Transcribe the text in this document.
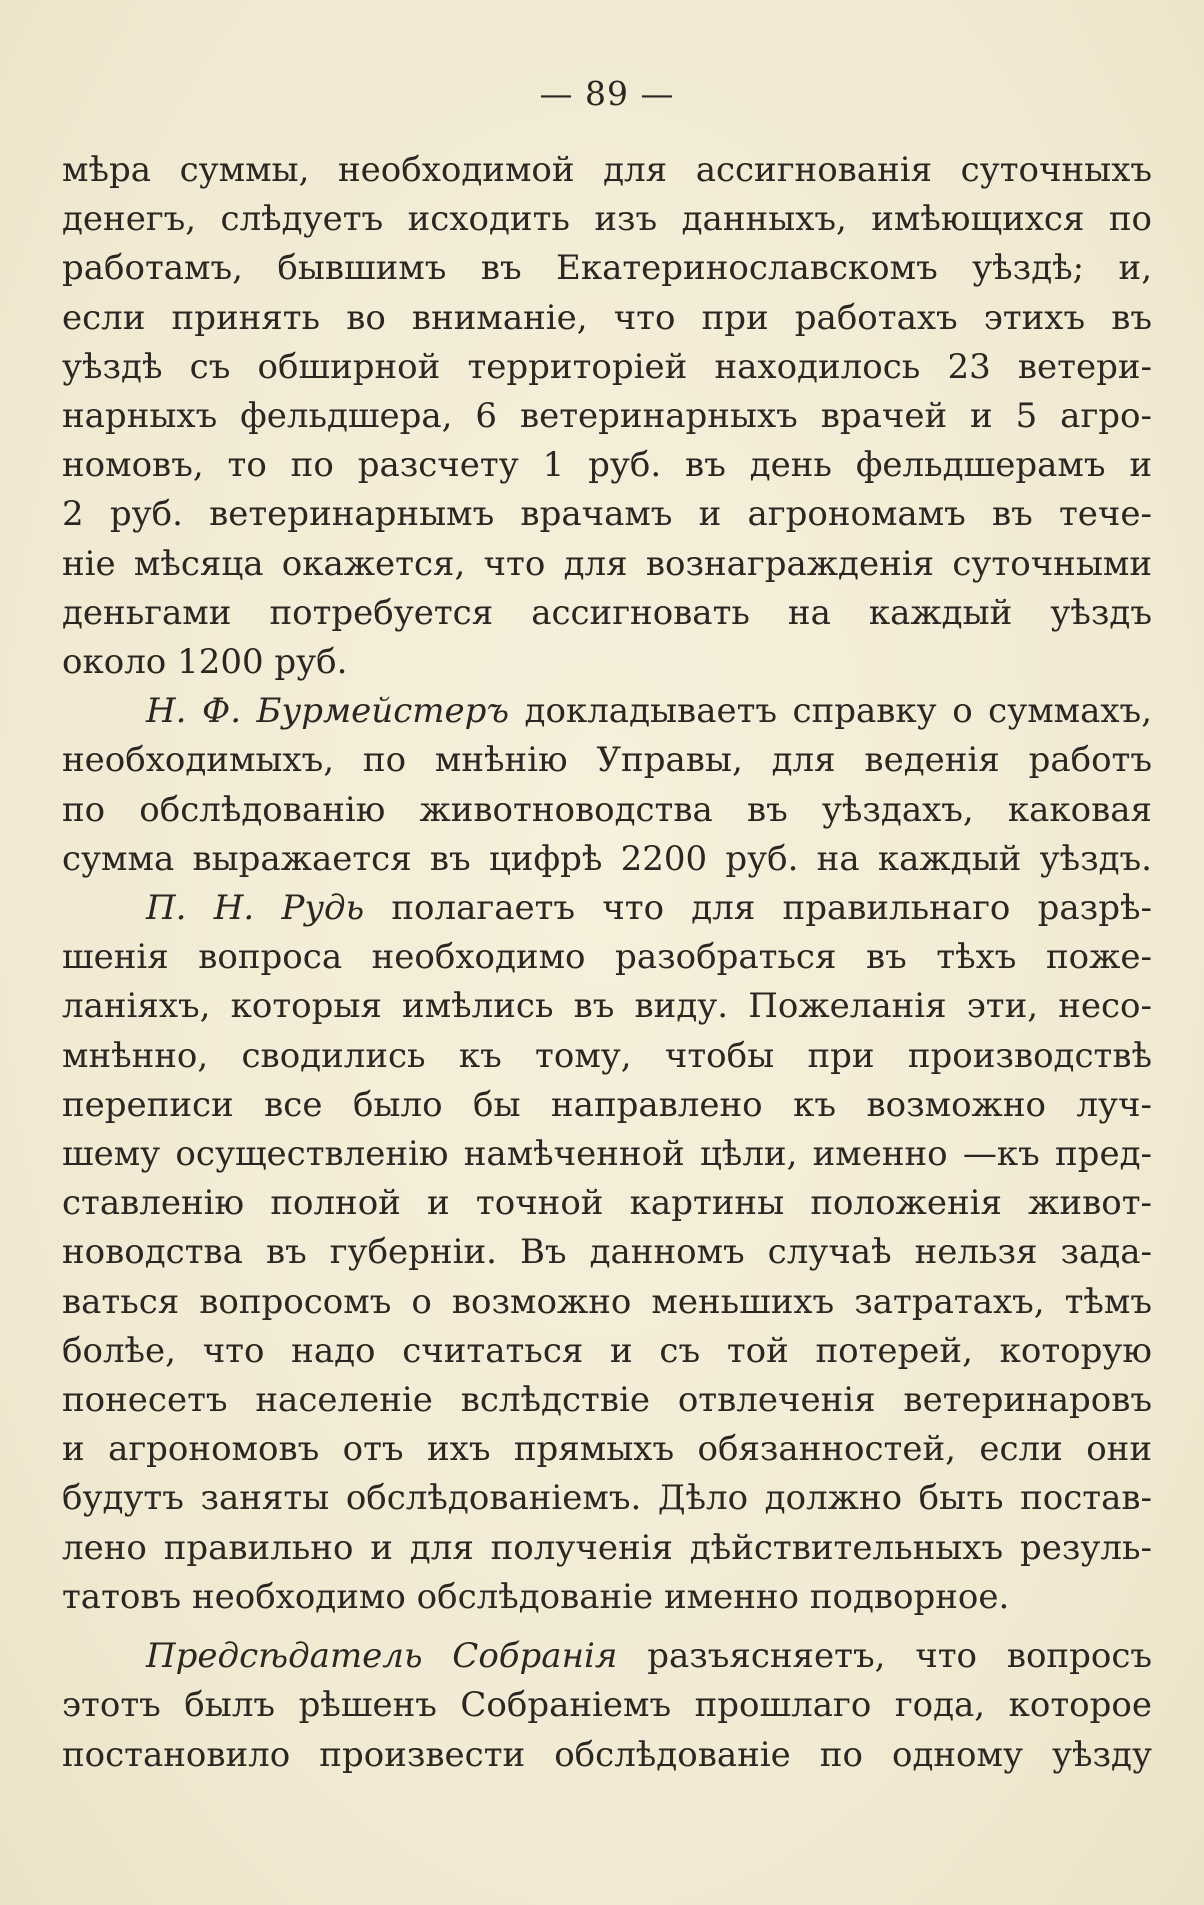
— 89 —
мѣра суммы, необходимой для ассигнованія суточныхъ
денегъ, слѣдуетъ исходить изъ данныхъ, имѣющихся по
работамъ, бывшимъ въ Екатеринославскомъ уѣздѣ; и,
если принять во вниманіе, что при работахъ этихъ въ
уѣздѣ съ обширной территоріей находилось 23 ветери-
нарныхъ фельдшера, 6 ветеринарныхъ врачей и 5 агро-
номовъ, то по разсчету 1 руб. въ день фельдшерамъ и
2 руб. ветеринарнымъ врачамъ и агрономамъ въ тече-
ніе мѣсяца окажется, что для вознагражденія суточными
деньгами потребуется ассигновать на каждый уѣздъ
около 1200 руб.
Н. Ф. Бурмейстеръ докладываетъ справку о суммахъ,
необходимыхъ, по мнѣнію Управы, для веденія работъ
по обслѣдованію животноводства въ уѣздахъ, каковая
сумма выражается въ цифрѣ 2200 руб. на каждый уѣздъ.
П. Н. Рудь полагаетъ что для правильнаго разрѣ-
шенія вопроса необходимо разобраться въ тѣхъ поже-
ланіяхъ, которыя имѣлись въ виду. Пожеланія эти, несо-
мнѣнно, сводились къ тому, чтобы при производствѣ
переписи все было бы направлено къ возможно луч-
шему осуществленію намѣченной цѣли, именно —къ пред-
ставленію полной и точной картины положенія живот-
новодства въ губерніи. Въ данномъ случаѣ нельзя зада-
ваться вопросомъ о возможно меньшихъ затратахъ, тѣмъ
болѣе, что надо считаться и съ той потерей, которую
понесетъ населеніе вслѣдствіе отвлеченія ветеринаровъ
и агрономовъ отъ ихъ прямыхъ обязанностей, если они
будутъ заняты обслѣдованіемъ. Дѣло должно быть постав-
лено правильно и для полученія дѣйствительныхъ резуль-
татовъ необходимо обслѣдованіе именно подворное.
Предсѣдатель Собранія разъясняетъ, что вопросъ
этотъ былъ рѣшенъ Собраніемъ прошлаго года, которое
постановило произвести обслѣдованіе по одному уѣзду
